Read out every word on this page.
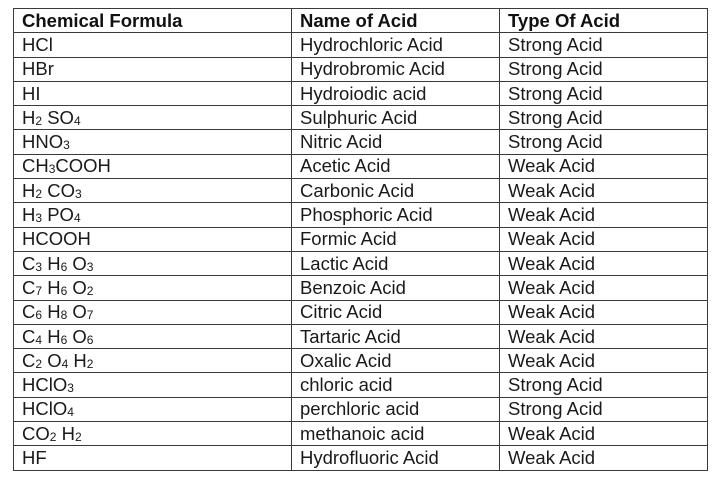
Chemical Formula	Name of Acid	Type Of Acid
HCl	Hydrochloric Acid	Strong Acid
HBr	Hydrobromic Acid	Strong Acid
HI	Hydroiodic acid	Strong Acid
$H_2$ $SO_4$	Sulphuric Acid	Strong Acid
$HNO_3$	Nitric Acid	Strong Acid
$CH_3COOH$	Acetic Acid	Weak Acid
$H_2$ $CO_3$	Carbonic Acid	Weak Acid
$H_3$ $PO_4$	Phosphoric Acid	Weak Acid
HCOOH	Formic Acid	Weak Acid
$C_3$ $H_6$ $O_3$	Lactic Acid	Weak Acid
$C_7$ $H_6$ $O_2$	Benzoic Acid	Weak Acid
$C_6$ $H_8$ $O_7$	Citric Acid	Weak Acid
$C_4$ $H_6$ $O_6$	Tartaric Acid	Weak Acid
$C_2$ $O_4$ $H_2$	Oxalic Acid	Weak Acid
HClO$_3$	chloric acid	Strong Acid
HClO$_4$	perchloric acid	Strong Acid
$CO_2$ $H_2$	methanoic acid	Weak Acid
HF	Hydrofluoric Acid	Weak Acid
